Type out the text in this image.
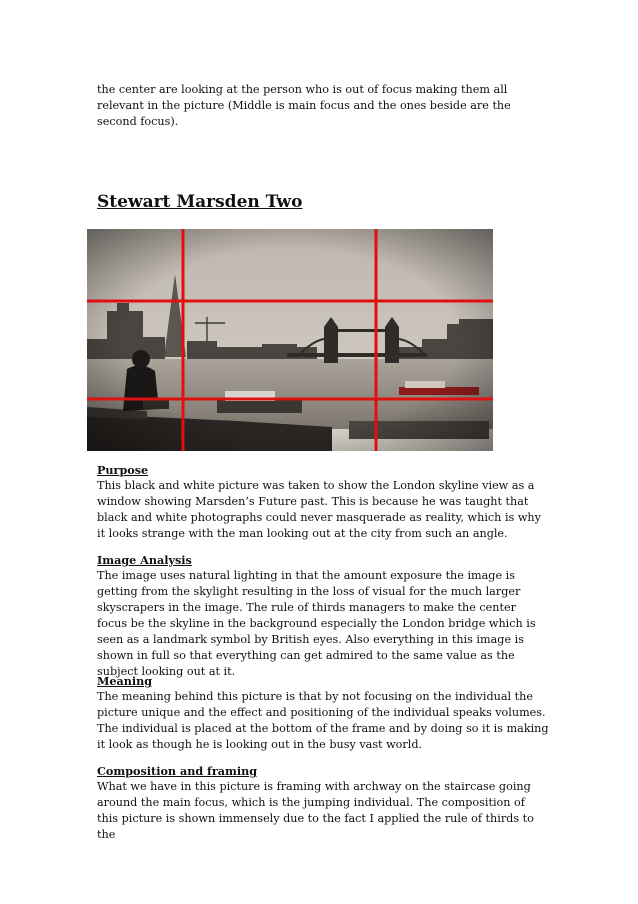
the center are looking at the person who is out of focus making them all relevant in the picture (Middle is main focus and the ones beside are the second focus).

Stewart Marsden Two
Purpose

This black and white picture was taken to show the London skyline view as a window showing Marsden’s Future past. This is because he was taught that black and white photographs could never masquerade as reality, which is why it looks strange with the man looking out at the city from such an angle.

Image Analysis

The image uses natural lighting in that the amount exposure the image is getting from the skylight resulting in the loss of visual for the much larger skyscrapers in the image. The rule of thirds managers to make the center focus be the skyline in the background especially the London bridge which is seen as a landmark symbol by British eyes. Also everything in this image is shown in full so that everything can get admired to the same value as the subject looking out at it.

Meaning

The meaning behind this picture is that by not focusing on the individual the picture unique and the effect and positioning of the individual speaks volumes. The individual is placed at the bottom of the frame and by doing so it is making it look as though he is looking out in the busy vast world.

Composition and framing

What we have in this picture is framing with archway on the staircase going around the main focus, which is the jumping individual. The composition of this picture is shown immensely due to the fact I applied the rule of thirds to the
